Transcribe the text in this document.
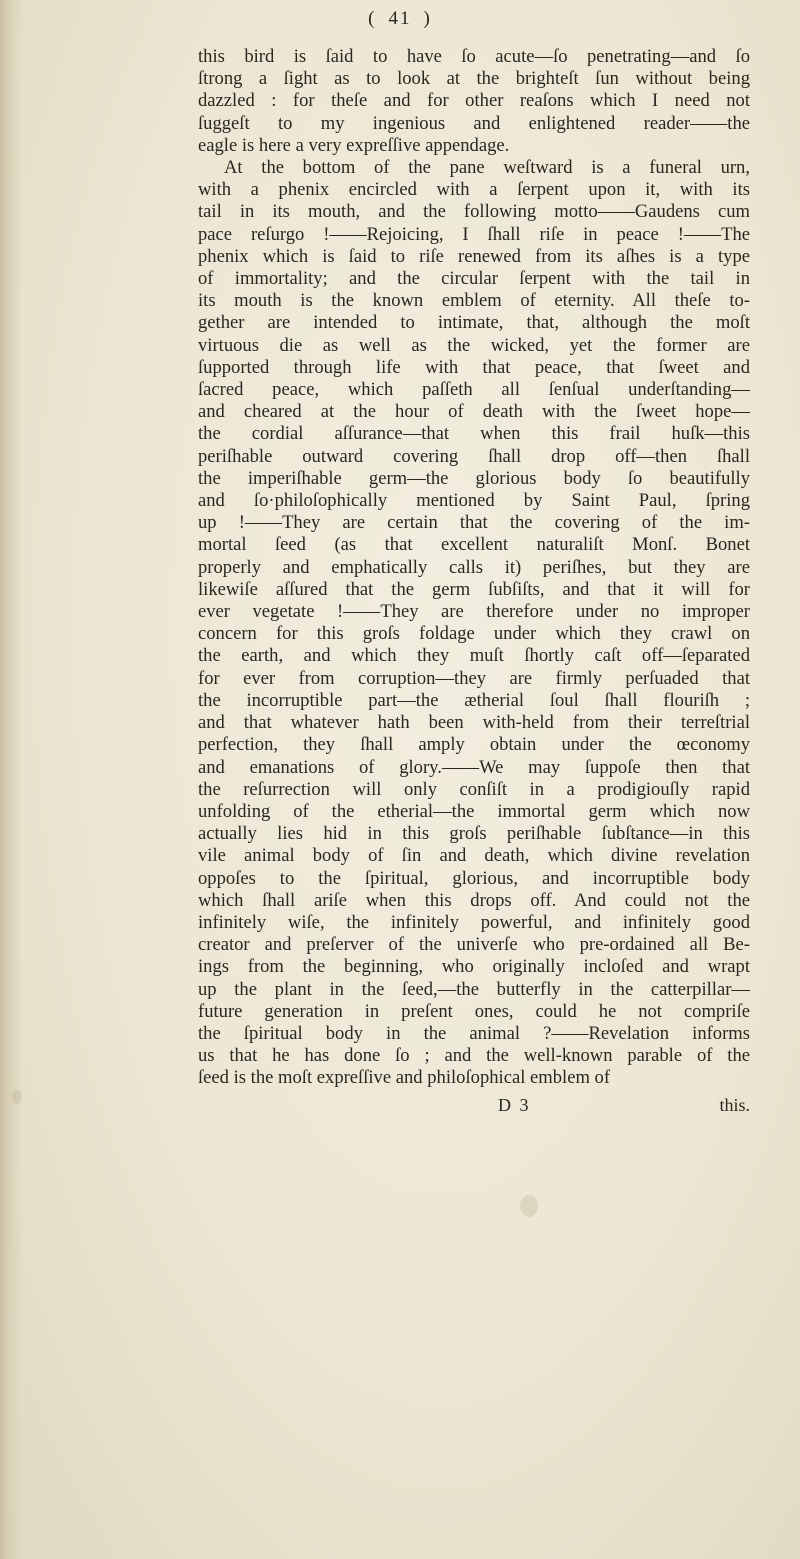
( 41 )
this bird is ſaid to have ſo acute—ſo penetrating—and ſo
ſtrong a ſight as to look at the brighteſt ſun without being
dazzled : for theſe and for other reaſons which I need not
ſuggeſt to my ingenious and enlightened reader——the
eagle is here a very expreſſive appendage.
At the bottom of the pane weſtward is a funeral urn,
with a phenix encircled with a ſerpent upon it, with its
tail in its mouth, and the following motto——Gaudens cum
pace reſurgo !——Rejoicing, I ſhall riſe in peace !——The
phenix which is ſaid to riſe renewed from its aſhes is a type
of immortality; and the circular ſerpent with the tail in
its mouth is the known emblem of eternity. All theſe to-
gether are intended to intimate, that, although the moſt
virtuous die as well as the wicked, yet the former are
ſupported through life with that peace, that ſweet and
ſacred peace, which paſſeth all ſenſual underſtanding—
and cheared at the hour of death with the ſweet hope—
the cordial aſſurance—that when this frail huſk—this
periſhable outward covering ſhall drop off—then ſhall
the imperiſhable germ—the glorious body ſo beautifully
and ſo·philoſophically mentioned by Saint Paul, ſpring
up !——They are certain that the covering of the im-
mortal ſeed (as that excellent naturaliſt Monſ. Bonet
properly and emphatically calls it) periſhes, but they are
likewiſe aſſured that the germ ſubſiſts, and that it will for
ever vegetate !——They are therefore under no improper
concern for this groſs foldage under which they crawl on
the earth, and which they muſt ſhortly caſt off—ſeparated
for ever from corruption—they are firmly perſuaded that
the incorruptible part—the ætherial ſoul ſhall flouriſh ;
and that whatever hath been with-held from their terreſtrial
perfection, they ſhall amply obtain under the œconomy
and emanations of glory.——We may ſuppoſe then that
the reſurrection will only conſiſt in a prodigiouſly rapid
unfolding of the etherial—the immortal germ which now
actually lies hid in this groſs periſhable ſubſtance—in this
vile animal body of ſin and death, which divine revelation
oppoſes to the ſpiritual, glorious, and incorruptible body
which ſhall ariſe when this drops off. And could not the
infinitely wiſe, the infinitely powerful, and infinitely good
creator and preſerver of the univerſe who pre-ordained all Be-
ings from the beginning, who originally incloſed and wrapt
up the plant in the ſeed,—the butterfly in the catterpillar—
future generation in preſent ones, could he not compriſe
the ſpiritual body in the animal ?——Revelation informs
us that he has done ſo ; and the well-known parable of the
ſeed is the moſt expreſſive and philoſophical emblem of
D 3	this.
